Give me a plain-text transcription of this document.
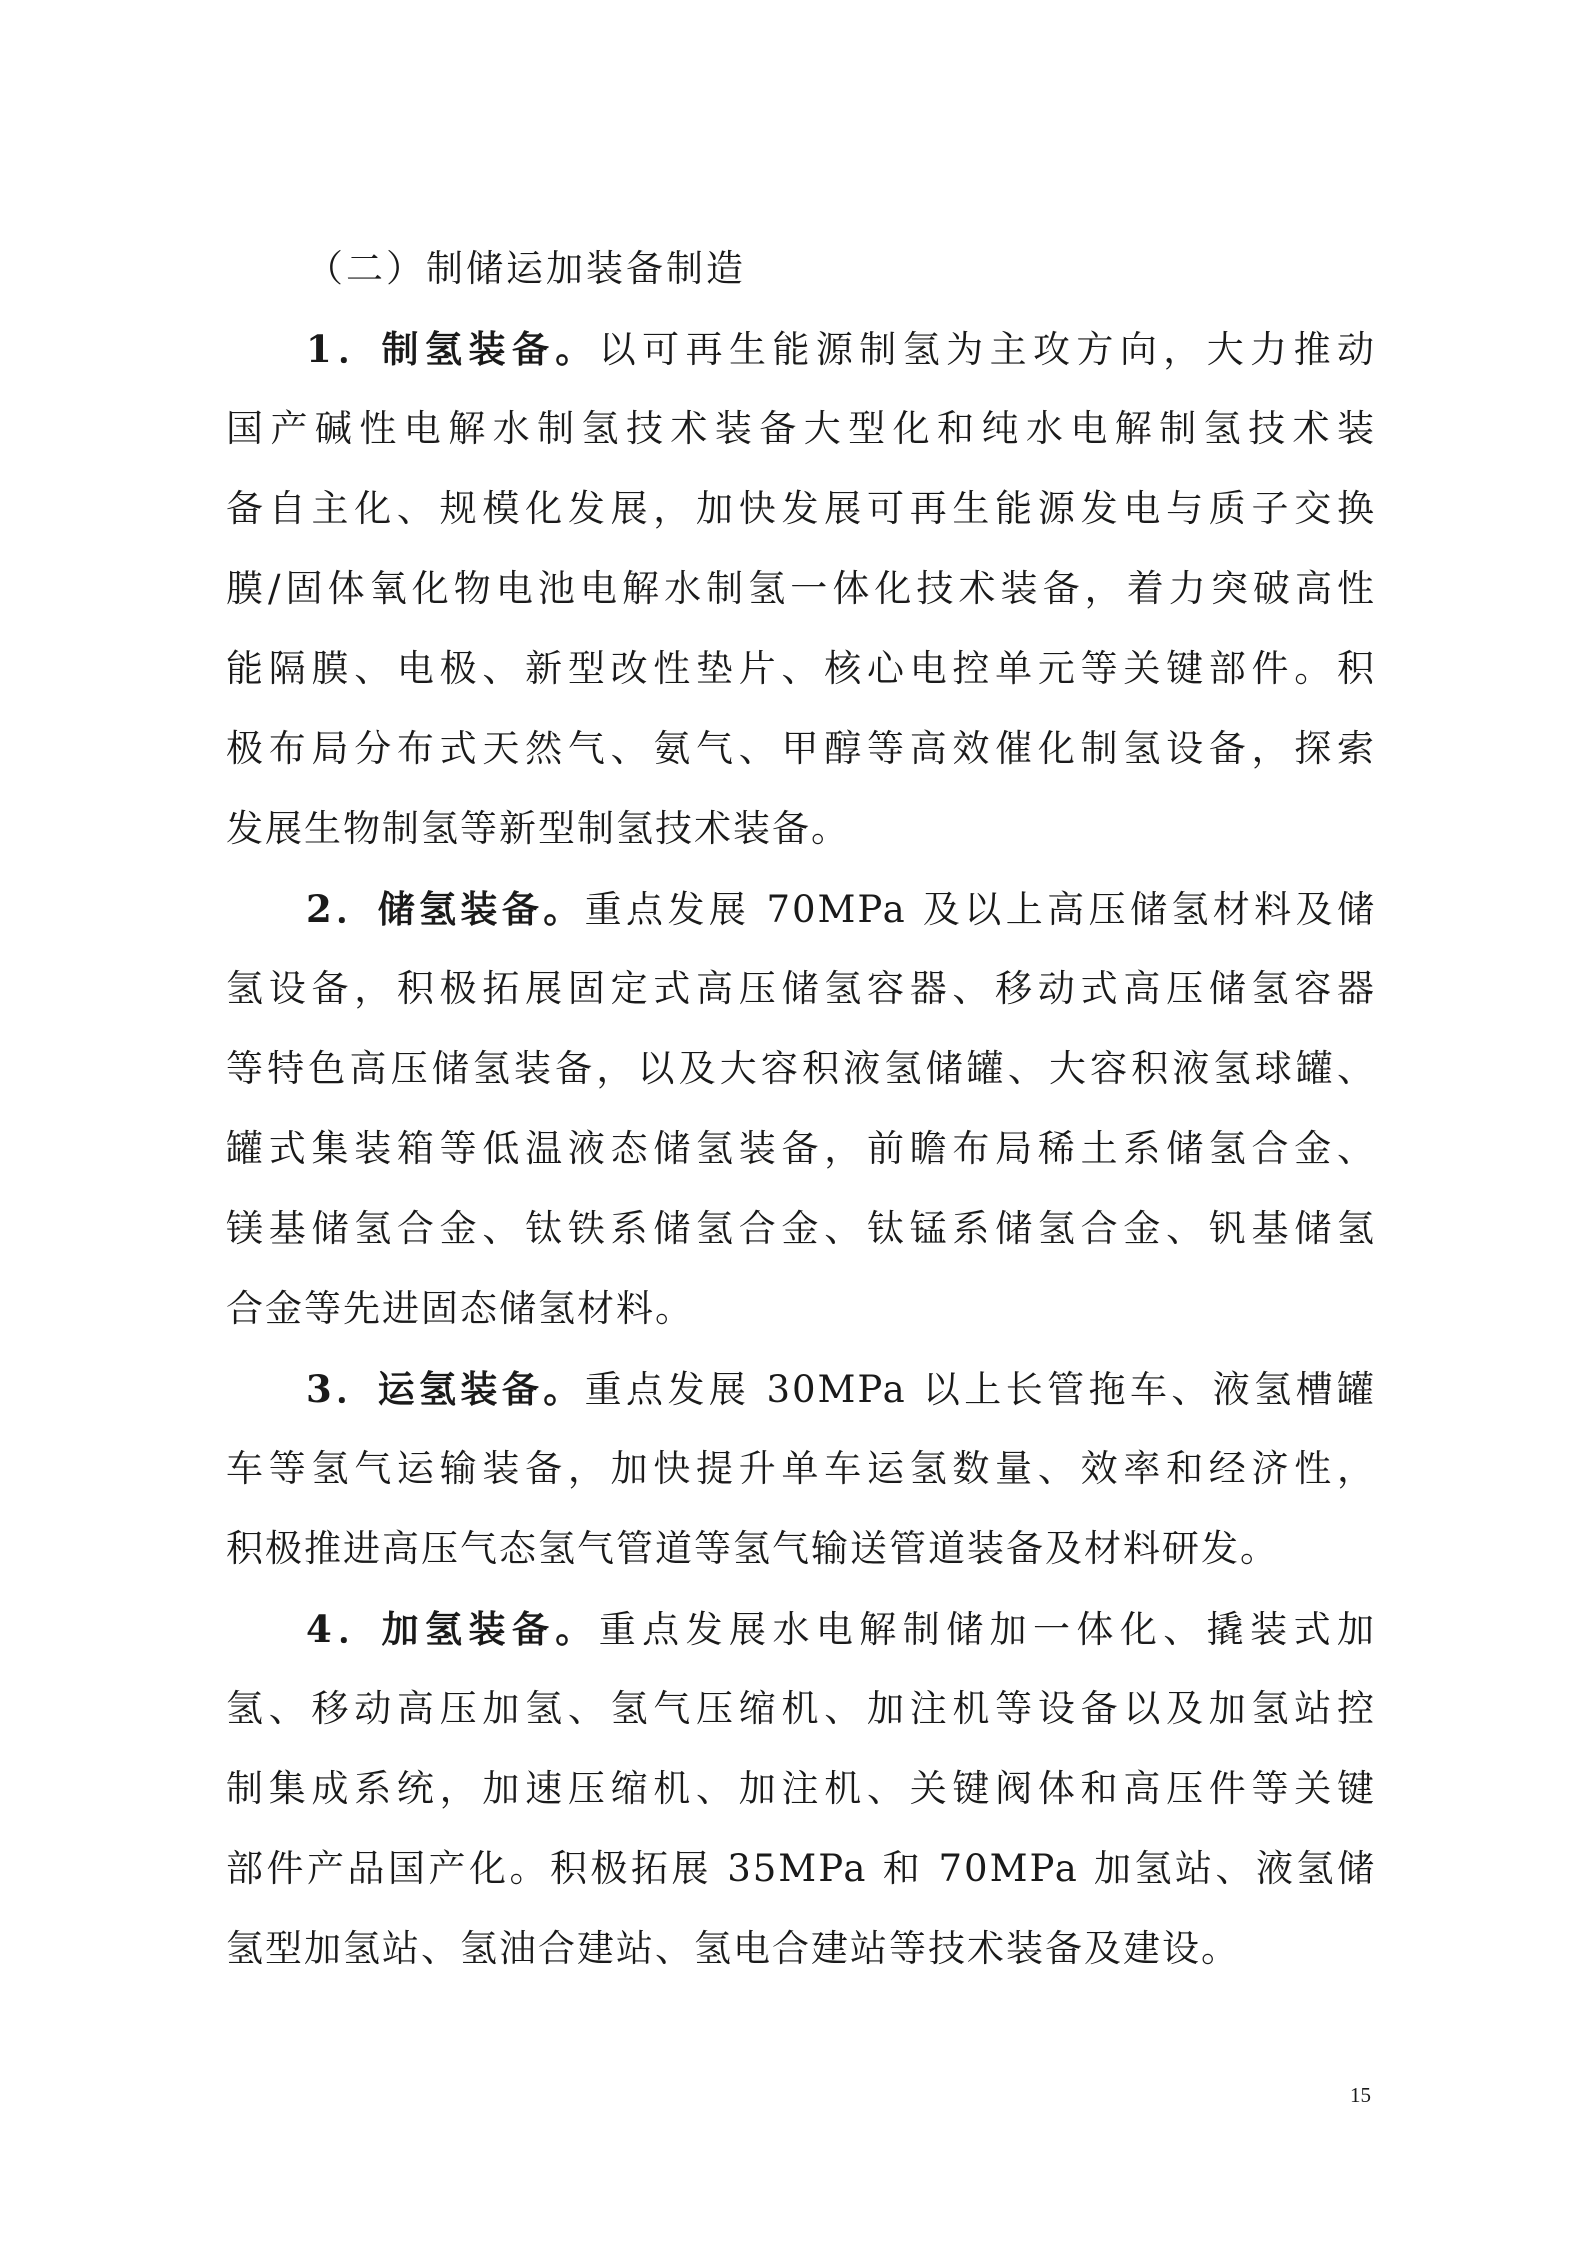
（二）制储运加装备制造
1．制氢装备。以可再生能源制氢为主攻方向，大力推动
国产碱性电解水制氢技术装备大型化和纯水电解制氢技术装
备自主化、规模化发展，加快发展可再生能源发电与质子交换
膜/固体氧化物电池电解水制氢一体化技术装备，着力突破高性
能隔膜、电极、新型改性垫片、核心电控单元等关键部件。积
极布局分布式天然气、氨气、甲醇等高效催化制氢设备，探索
发展生物制氢等新型制氢技术装备。
2．储氢装备。重点发展 70MPa 及以上高压储氢材料及储
氢设备，积极拓展固定式高压储氢容器、移动式高压储氢容器
等特色高压储氢装备，以及大容积液氢储罐、大容积液氢球罐、
罐式集装箱等低温液态储氢装备，前瞻布局稀土系储氢合金、
镁基储氢合金、钛铁系储氢合金、钛锰系储氢合金、钒基储氢
合金等先进固态储氢材料。
3．运氢装备。重点发展 30MPa 以上长管拖车、液氢槽罐
车等氢气运输装备，加快提升单车运氢数量、效率和经济性，
积极推进高压气态氢气管道等氢气输送管道装备及材料研发。
4．加氢装备。重点发展水电解制储加一体化、撬装式加
氢、移动高压加氢、氢气压缩机、加注机等设备以及加氢站控
制集成系统，加速压缩机、加注机、关键阀体和高压件等关键
部件产品国产化。积极拓展 35MPa 和 70MPa 加氢站、液氢储
氢型加氢站、氢油合建站、氢电合建站等技术装备及建设。
15
